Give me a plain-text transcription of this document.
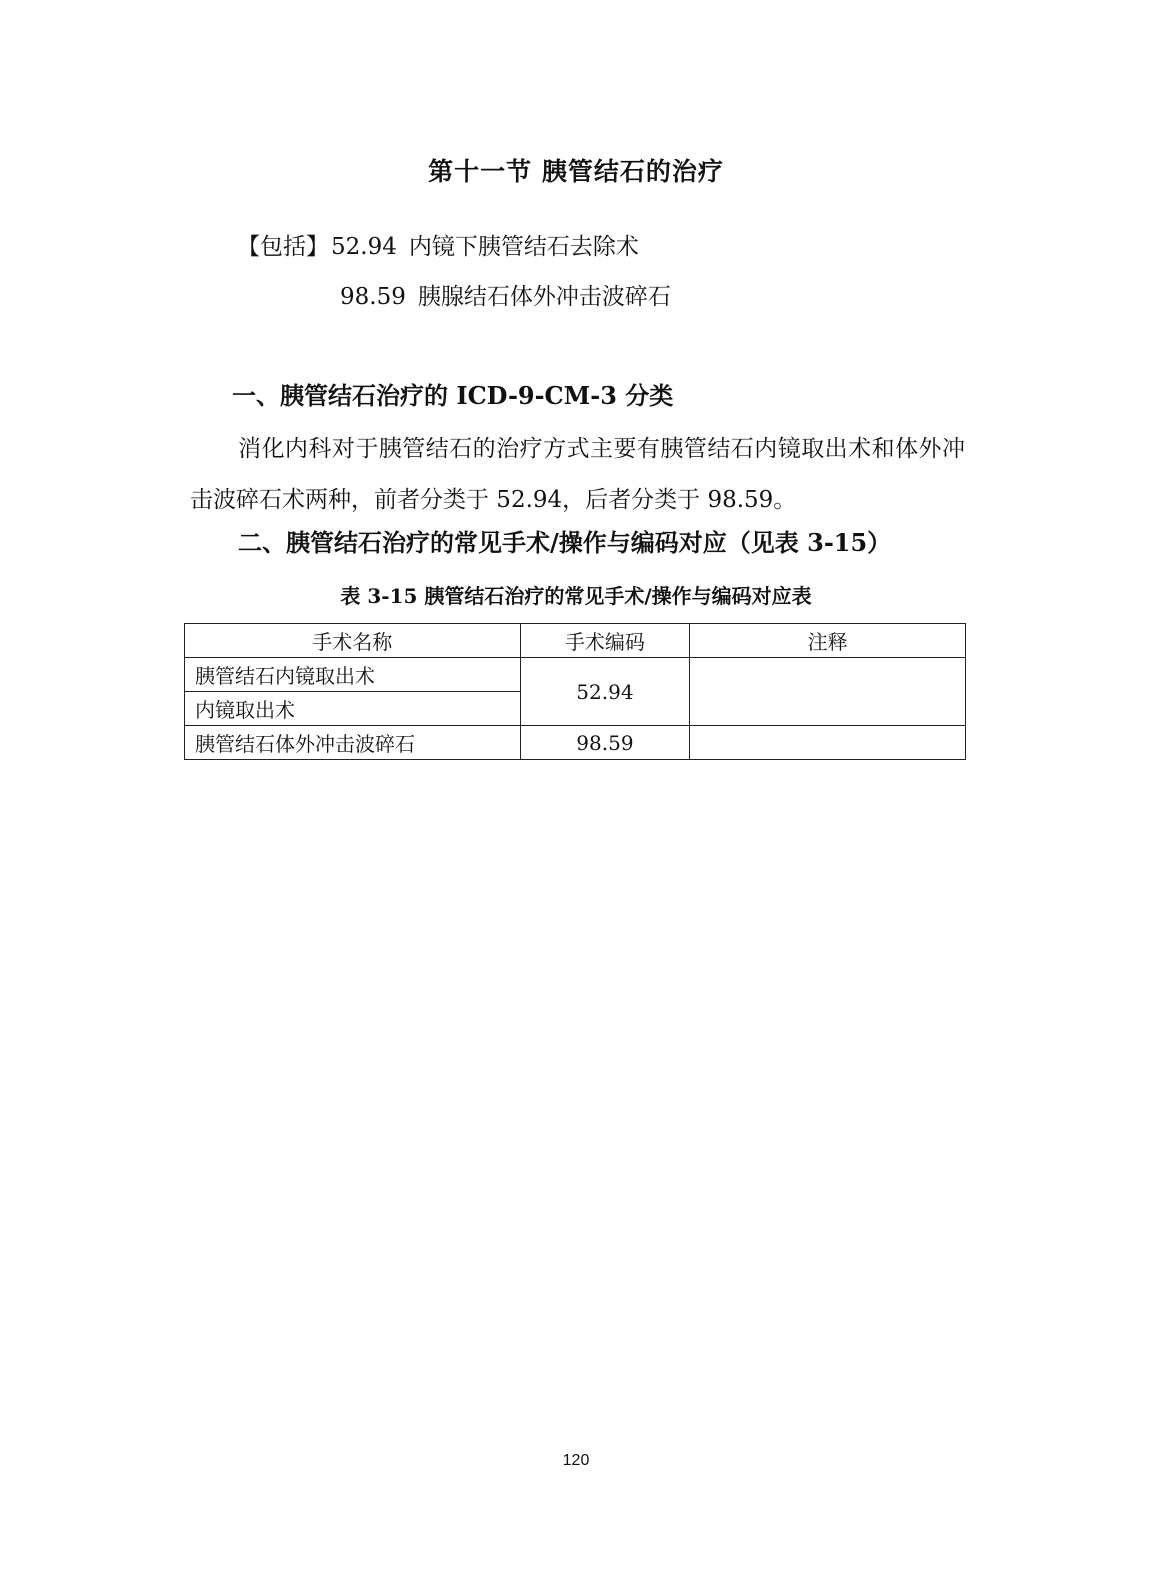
第十一节 胰管结石的治疗
【包括】52.94 内镜下胰管结石去除术
98.59 胰腺结石体外冲击波碎石
一、胰管结石治疗的 ICD-9-CM-3 分类
消化内科对于胰管结石的治疗方式主要有胰管结石内镜取出术和体外冲击波碎石术两种，前者分类于 52.94，后者分类于 98.59。
二、胰管结石治疗的常见手术/操作与编码对应（见表 3-15）
表 3-15 胰管结石治疗的常见手术/操作与编码对应表
手术名称	手术编码	注释
胰管结石内镜取出术	52.94	
内镜取出术		
胰管结石体外冲击波碎石	98.59	
120
